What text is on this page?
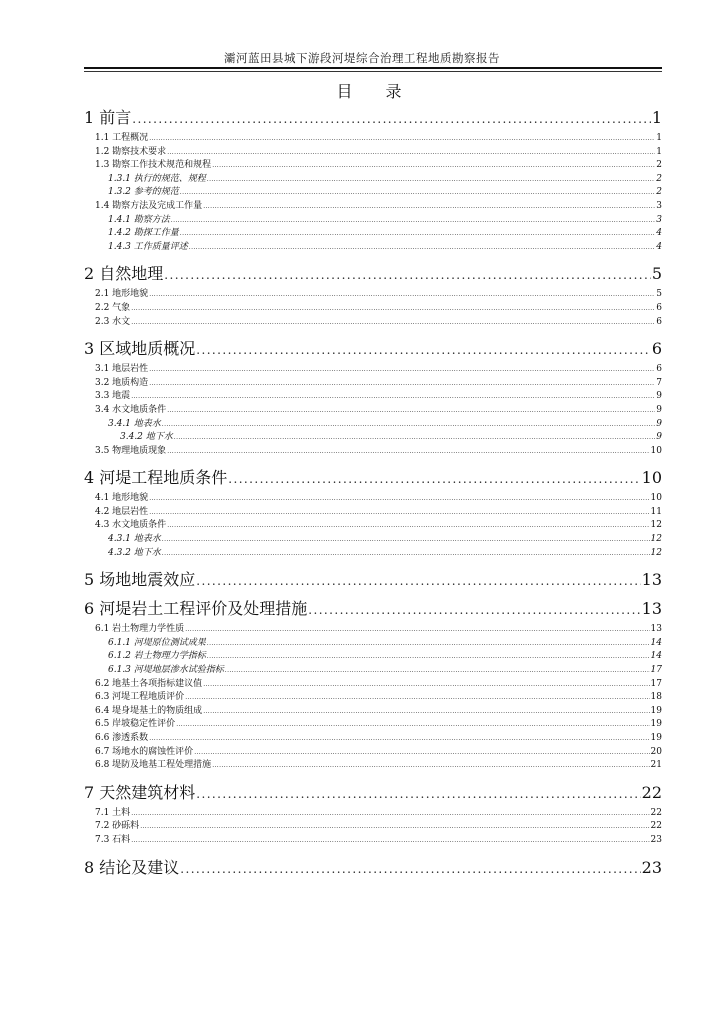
灞河蓝田县城下游段河堤综合治理工程地质勘察报告
目 录
1 前言 .....	1
1.1 工程概况 .....	1
1.2 勘察技术要求 .....	1
1.3 勘察工作技术规范和规程 .....	2
1.3.1 执行的规范、规程 .....	2
1.3.2 参考的规范 .....	2
1.4 勘察方法及完成工作量 .....	3
1.4.1 勘察方法 .....	3
1.4.2 勘探工作量 .....	4
1.4.3 工作质量评述 .....	4
2 自然地理 .....	5
2.1 地形地貌 .....	5
2.2 气象 .....	6
2.3 水文 .....	6
3 区域地质概况 .....	6
3.1 地层岩性 .....	6
3.2 地质构造 .....	7
3.3 地震 .....	9
3.4 水文地质条件 .....	9
3.4.1 地表水 .....	9
3.4.2 地下水 .....	9
3.5 物理地质现象 .....	10
4 河堤工程地质条件 .....	10
4.1 地形地貌 .....	10
4.2 地层岩性 .....	11
4.3 水文地质条件 .....	12
4.3.1 地表水 .....	12
4.3.2 地下水 .....	12
5 场地地震效应 .....	13
6 河堤岩土工程评价及处理措施 .....	13
6.1 岩土物理力学性质 .....	13
6.1.1 河堤原位测试成果 .....	14
6.1.2 岩土物理力学指标 .....	14
6.1.3 河堤地层渗水试验指标 .....	17
6.2 地基土各项指标建议值 .....	17
6.3 河堤工程地质评价 .....	18
6.4 堤身堤基土的物质组成 .....	19
6.5 岸坡稳定性评价 .....	19
6.6 渗透系数 .....	19
6.7 场地水的腐蚀性评价 .....	20
6.8 堤防及地基工程处理措施 .....	21
7 天然建筑材料 .....	22
7.1 土料 .....	22
7.2 砂砾料 .....	22
7.3 石料 .....	23
8 结论及建议 .....	23
